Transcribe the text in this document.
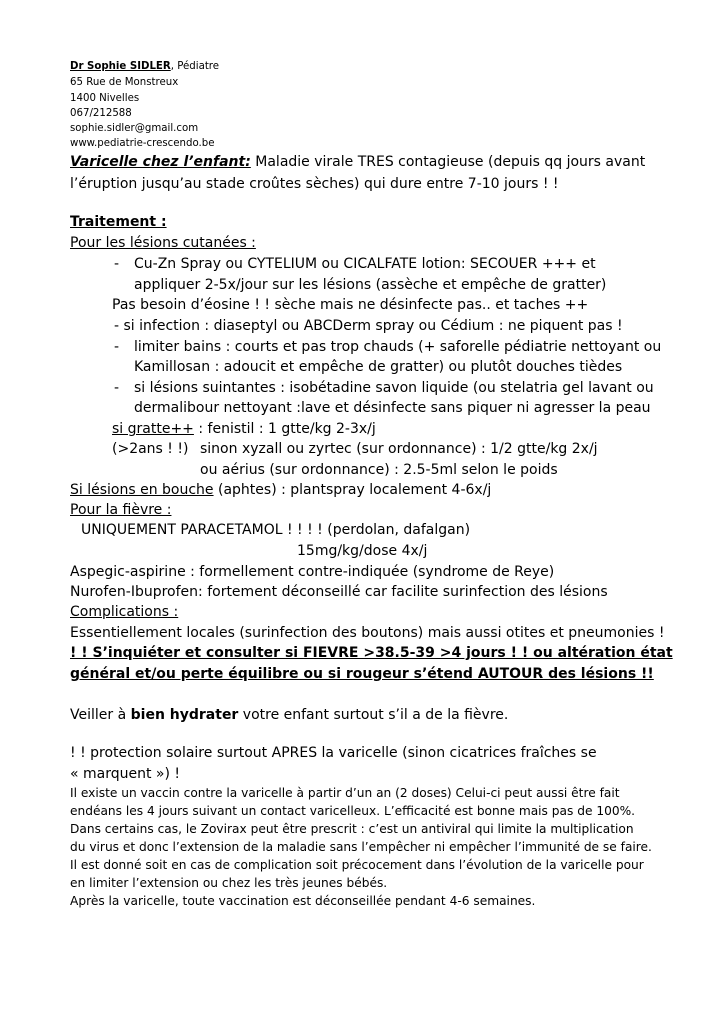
Dr Sophie SIDLER, Pédiatre
65 Rue de Monstreux
1400 Nivelles
067/212588
sophie.sidler@gmail.com
www.pediatrie-crescendo.be
Varicelle chez l’enfant: Maladie virale TRES contagieuse (depuis qq jours avant
l’éruption jusqu’au stade croûtes sèches) qui dure entre 7-10 jours ! !
Traitement :
Pour les lésions cutanées :
- Cu-Zn Spray ou CYTELIUM ou CICALFATE lotion: SECOUER +++ et
appliquer 2-5x/jour sur les lésions (assèche et empêche de gratter)
Pas besoin d’éosine ! ! sèche mais ne désinfecte pas.. et taches ++
- si infection : diaseptyl ou ABCDerm spray ou Cédium : ne piquent pas !
- limiter bains : courts et pas trop chauds (+ saforelle pédiatrie nettoyant ou
Kamillosan : adoucit et empêche de gratter) ou plutôt douches tièdes
- si lésions suintantes : isobétadine savon liquide (ou stelatria gel lavant ou
dermalibour nettoyant :lave et désinfecte sans piquer ni agresser la peau
si gratte++ : fenistil : 1 gtte/kg 2-3x/j
(>2ans ! !) sinon xyzall ou zyrtec (sur ordonnance) : 1/2 gtte/kg 2x/j
ou aérius (sur ordonnance) : 2.5-5ml selon le poids
Si lésions en bouche (aphtes) : plantspray localement 4-6x/j
Pour la fièvre :
UNIQUEMENT PARACETAMOL ! ! ! ! (perdolan, dafalgan)
15mg/kg/dose 4x/j
Aspegic-aspirine : formellement contre-indiquée (syndrome de Reye)
Nurofen-Ibuprofen: fortement déconseillé car facilite surinfection des lésions
Complications :
Essentiellement locales (surinfection des boutons) mais aussi otites et pneumonies !
! ! S’inquiéter et consulter si FIEVRE >38.5-39 >4 jours ! ! ou altération état
général et/ou perte équilibre ou si rougeur s’étend AUTOUR des lésions !!
Veiller à bien hydrater votre enfant surtout s’il a de la fièvre.
! ! protection solaire surtout APRES la varicelle (sinon cicatrices fraîches se
« marquent ») !
Il existe un vaccin contre la varicelle à partir d’un an (2 doses) Celui-ci peut aussi être fait
endéans les 4 jours suivant un contact varicelleux. L’efficacité est bonne mais pas de 100%.
Dans certains cas, le Zovirax peut être prescrit : c’est un antiviral qui limite la multiplication
du virus et donc l’extension de la maladie sans l’empêcher ni empêcher l’immunité de se faire.
Il est donné soit en cas de complication soit précocement dans l’évolution de la varicelle pour
en limiter l’extension ou chez les très jeunes bébés.
Après la varicelle, toute vaccination est déconseillée pendant 4-6 semaines.
